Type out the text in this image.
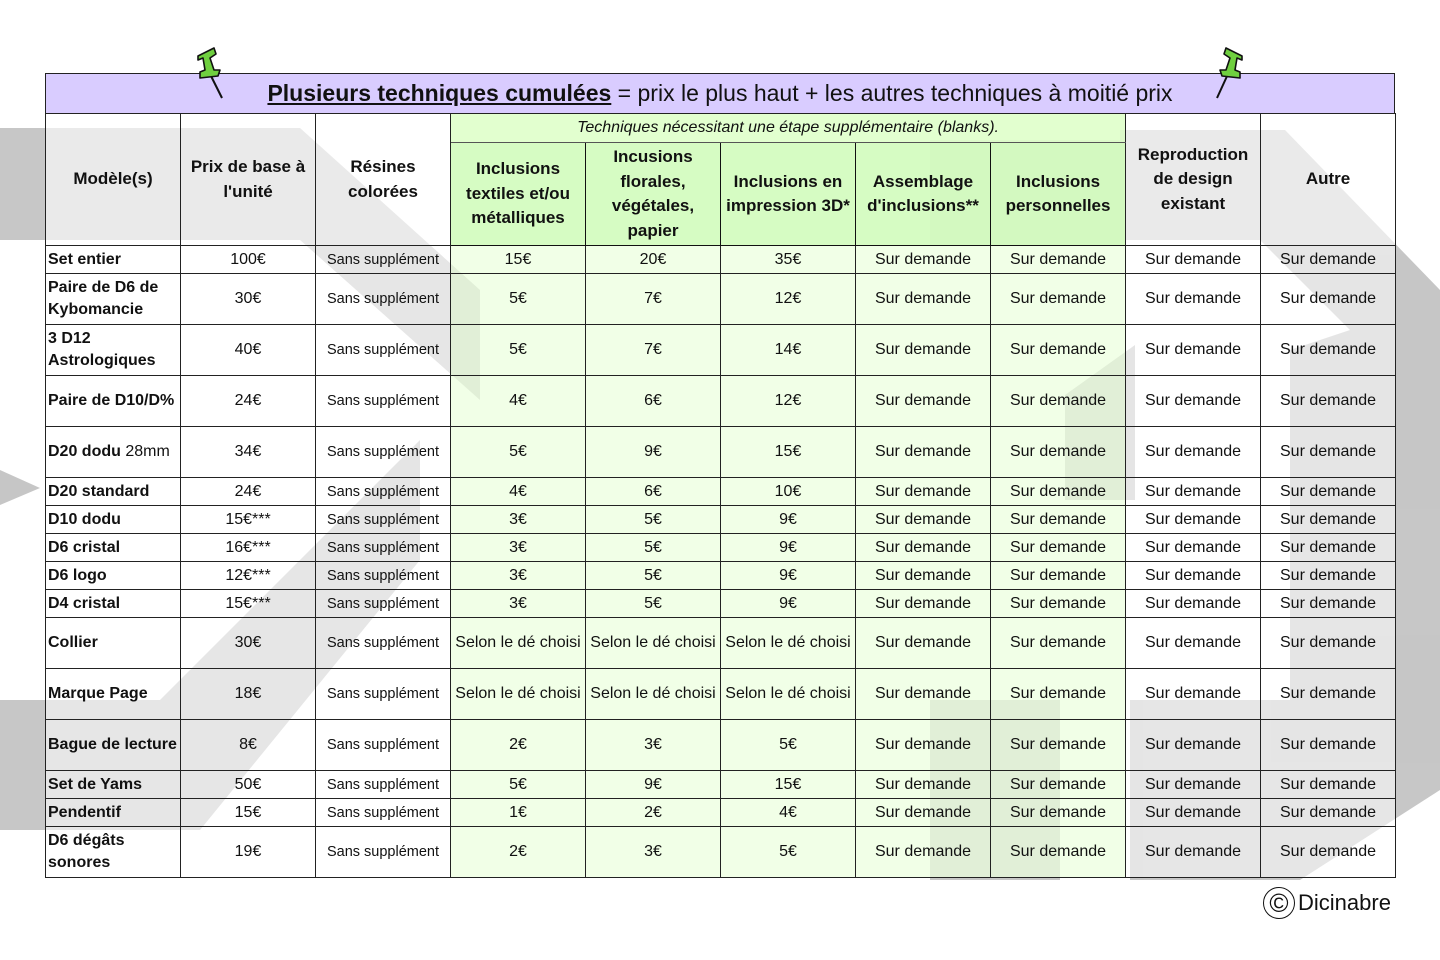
Plusieurs techniques cumulées = prix le plus haut + les autres techniques à moitié prix
Modèle(s)	Prix de base à l'unité	Résines colorées	Techniques nécessitant une étape supplémentaire (blanks).					Reproduction de design existant	Autre
			Inclusions textiles et/ou métalliques	Incusions florales, végétales, papier	Inclusions en impression 3D*	Assemblage d'inclusions**	Inclusions personnelles		
Set entier	100€	Sans supplément	15€	20€	35€	Sur demande	Sur demande	Sur demande	Sur demande
Paire de D6 de Kybomancie	30€	Sans supplément	5€	7€	12€	Sur demande	Sur demande	Sur demande	Sur demande
3 D12 Astrologiques	40€	Sans supplément	5€	7€	14€	Sur demande	Sur demande	Sur demande	Sur demande
Paire de D10/D%	24€	Sans supplément	4€	6€	12€	Sur demande	Sur demande	Sur demande	Sur demande
D20 dodu 28mm	34€	Sans supplément	5€	9€	15€	Sur demande	Sur demande	Sur demande	Sur demande
D20 standard	24€	Sans supplément	4€	6€	10€	Sur demande	Sur demande	Sur demande	Sur demande
D10 dodu	15€***	Sans supplément	3€	5€	9€	Sur demande	Sur demande	Sur demande	Sur demande
D6 cristal	16€***	Sans supplément	3€	5€	9€	Sur demande	Sur demande	Sur demande	Sur demande
D6 logo	12€***	Sans supplément	3€	5€	9€	Sur demande	Sur demande	Sur demande	Sur demande
D4 cristal	15€***	Sans supplément	3€	5€	9€	Sur demande	Sur demande	Sur demande	Sur demande
Collier	30€	Sans supplément	Selon le dé choisi	Selon le dé choisi	Selon le dé choisi	Sur demande	Sur demande	Sur demande	Sur demande
Marque Page	18€	Sans supplément	Selon le dé choisi	Selon le dé choisi	Selon le dé choisi	Sur demande	Sur demande	Sur demande	Sur demande
Bague de lecture	8€	Sans supplément	2€	3€	5€	Sur demande	Sur demande	Sur demande	Sur demande
Set de Yams	50€	Sans supplément	5€	9€	15€	Sur demande	Sur demande	Sur demande	Sur demande
Pendentif	15€	Sans supplément	1€	2€	4€	Sur demande	Sur demande	Sur demande	Sur demande
D6 dégâts sonores	19€	Sans supplément	2€	3€	5€	Sur demande	Sur demande	Sur demande	Sur demande
© Dicinabre
